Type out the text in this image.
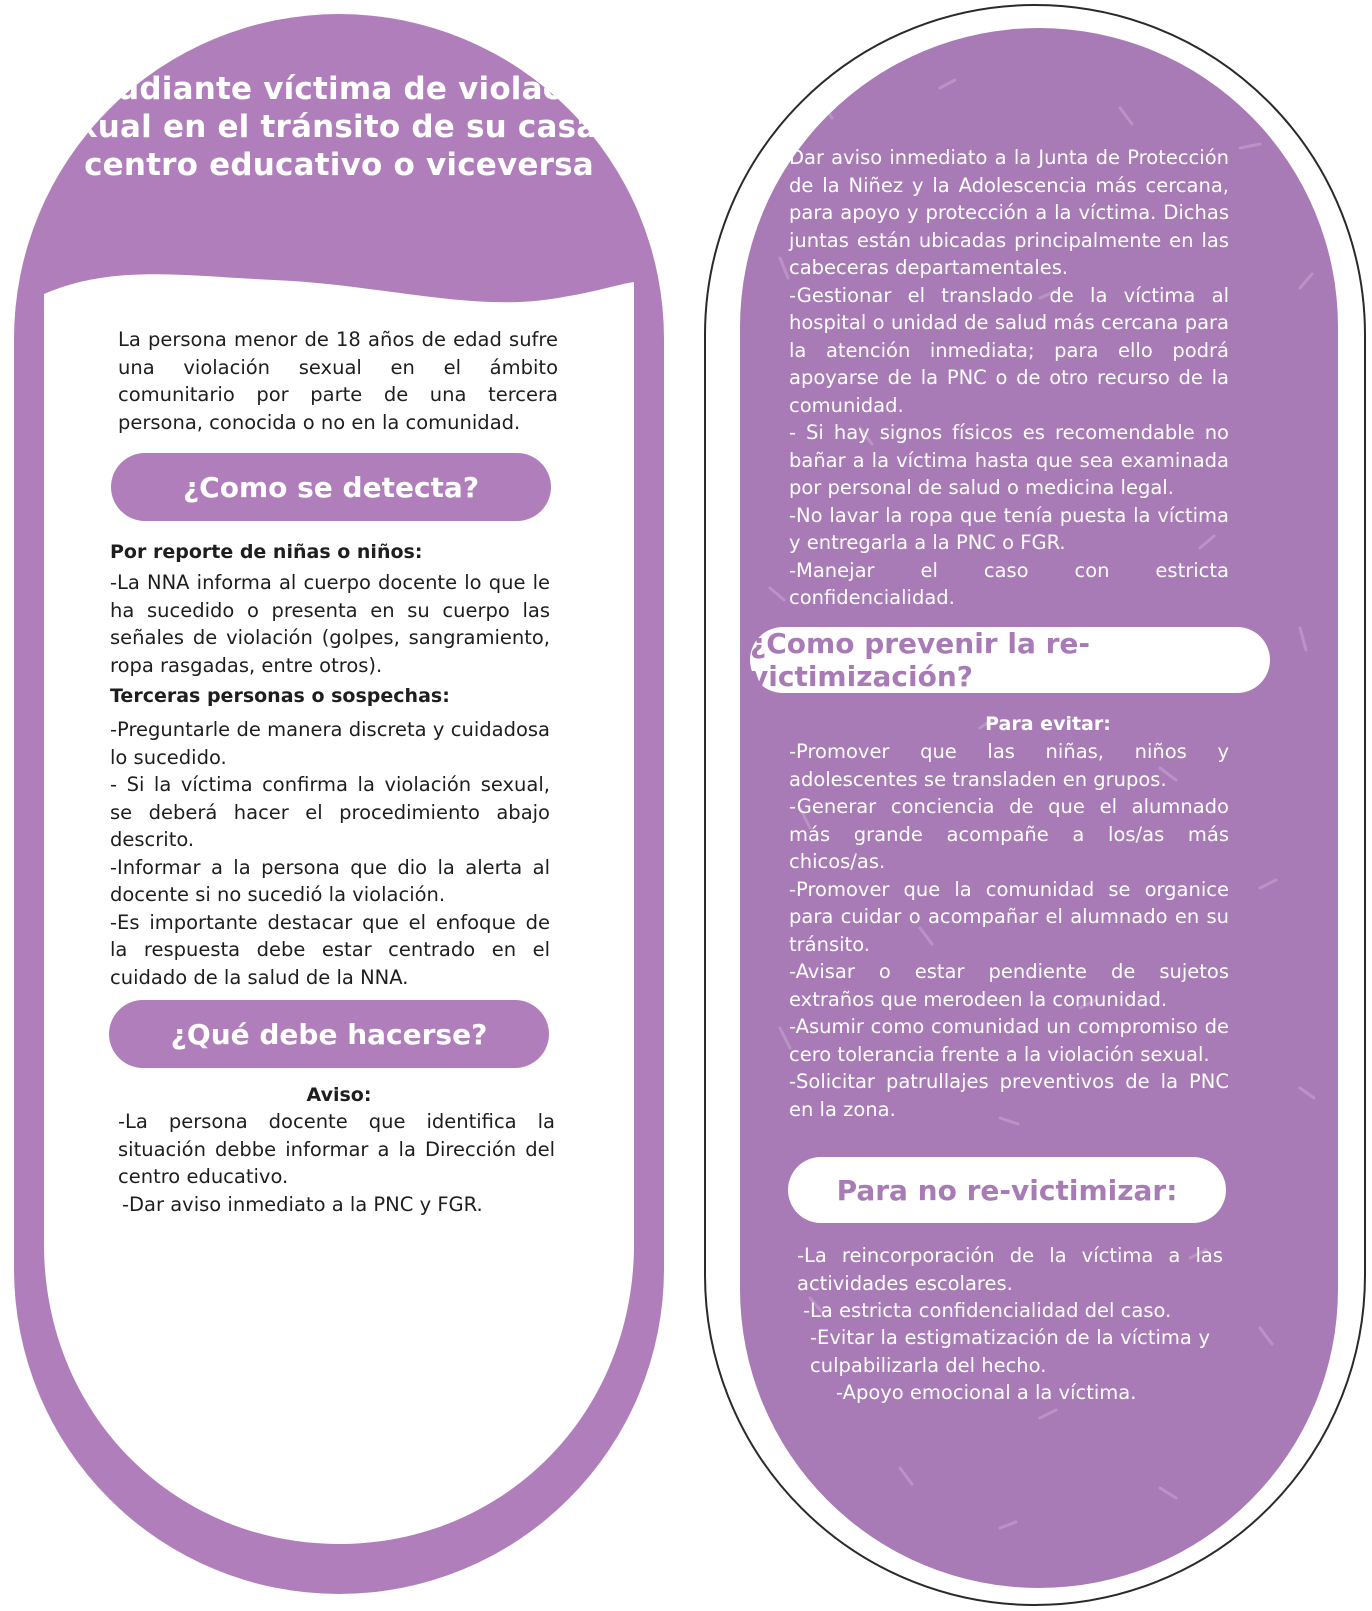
Estudiante víctima de violación sexual en el tránsito de su casa al centro educativo o viceversa
La persona menor de 18 años de edad sufre una violación sexual en el ámbito comunitario por parte de una tercera persona, conocida o no en la comunidad.
¿Como se detecta?
Por reporte de niñas o niños:
-La NNA informa al cuerpo docente lo que le ha sucedido o presenta en su cuerpo las señales de violación (golpes, sangramiento, ropa rasgadas, entre otros).
Terceras personas o sospechas:
-Preguntarle de manera discreta y cuidadosa lo sucedido.
- Si la víctima confirma la violación sexual, se deberá hacer el procedimiento abajo descrito.
-Informar a la persona que dio la alerta al docente si no sucedió la violación.
-Es importante destacar que el enfoque de la respuesta debe estar centrado en el cuidado de la salud de la NNA.
¿Qué debe hacerse?
Aviso:
-La persona docente que identifica la situación debbe informar a la Dirección del centro educativo.
-Dar aviso inmediato a la PNC y FGR.
Dar aviso inmediato a la Junta de Protección de la Niñez y la Adolescencia más cercana, para apoyo y protección a la víctima. Dichas juntas están ubicadas principalmente en las cabeceras departamentales.
-Gestionar el translado de la víctima al hospital o unidad de salud más cercana para la atención inmediata; para ello podrá apoyarse de la PNC o de otro recurso de la comunidad.
- Si hay signos físicos es recomendable no bañar a la víctima hasta que sea examinada por personal de salud o medicina legal.
-No lavar la ropa que tenía puesta la víctima y entregarla a la PNC o FGR.
-Manejar el caso con estricta confidencialidad.
¿Como prevenir la re-victimización?
Para evitar:
-Promover que las niñas, niños y adolescentes se transladen en grupos.
-Generar conciencia de que el alumnado más grande acompañe a los/as más chicos/as.
-Promover que la comunidad se organice para cuidar o acompañar el alumnado en su tránsito.
-Avisar o estar pendiente de sujetos extraños que merodeen la comunidad.
-Asumir como comunidad un compromiso de cero tolerancia frente a la violación sexual.
-Solicitar patrullajes preventivos de la PNC en la zona.
Para no re-victimizar:
-La reincorporación de la víctima a las actividades escolares.
-La estricta confidencialidad del caso.
-Evitar la estigmatización de la víctima y culpabilizarla del hecho.
-Apoyo emocional a la víctima.
